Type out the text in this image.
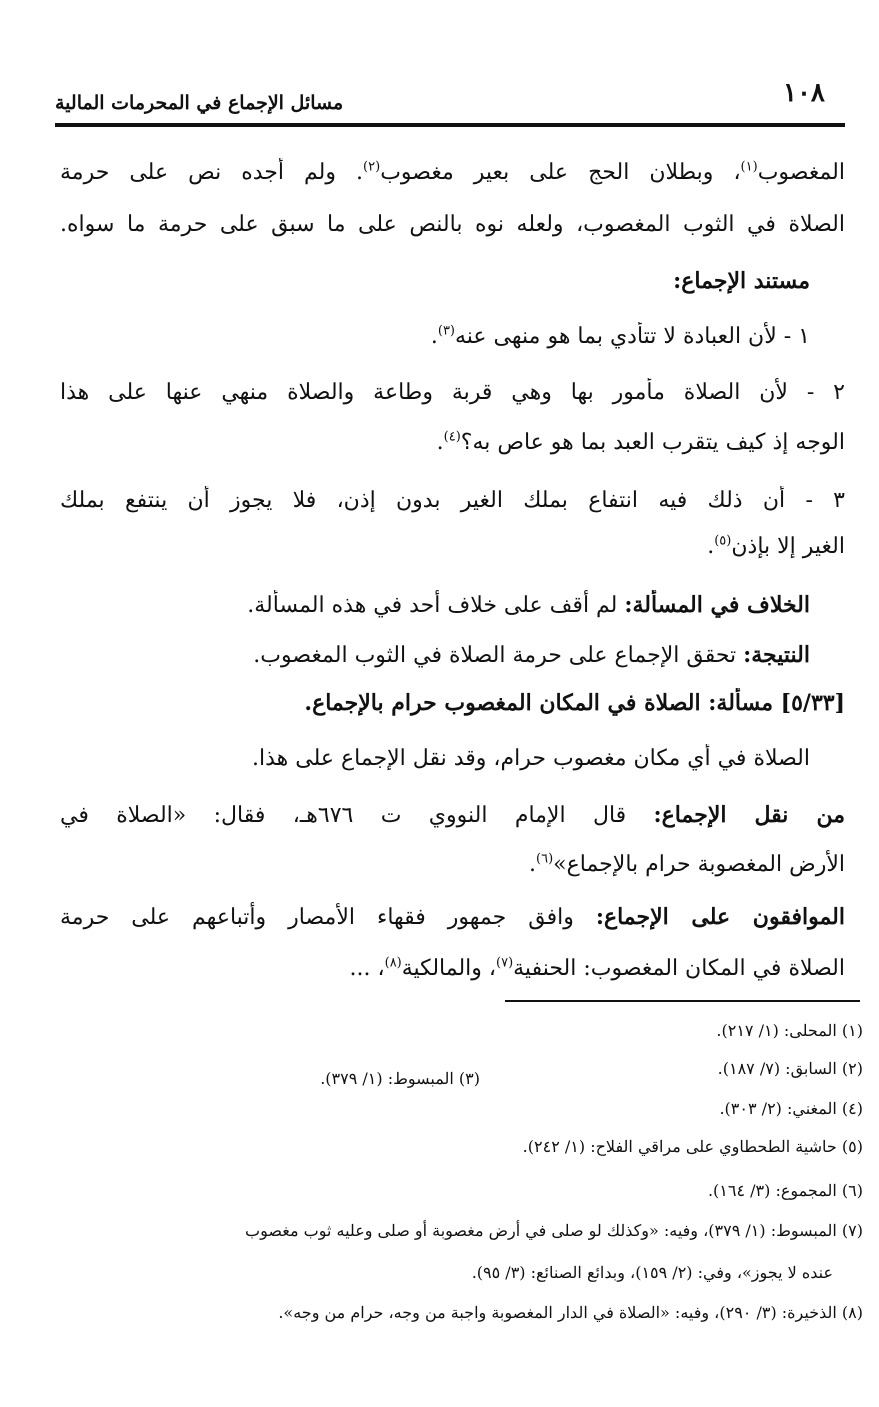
١٠٨
مسائل الإجماع في المحرمات المالية
المغصوب$^{(١)}$، وبطلان الحج على بعير مغصوب$^{(٢)}$. ولم أجده نص على حرمة
الصلاة في الثوب المغصوب، ولعله نوه بالنص على ما سبق على حرمة ما سواه.
مستند الإجماع:
١ - لأن العبادة لا تتأدي بما هو منهى عنه$^{(٣)}$.
٢ - لأن الصلاة مأمور بها وهي قربة وطاعة والصلاة منهي عنها على هذا
الوجه إذ كيف يتقرب العبد بما هو عاص به؟$^{(٤)}$.
٣ - أن ذلك فيه انتفاع بملك الغير بدون إذن، فلا يجوز أن ينتفع بملك
الغير إلا بإذن$^{(٥)}$.
الخلاف في المسألة: لم أقف على خلاف أحد في هذه المسألة.
النتيجة: تحقق الإجماع على حرمة الصلاة في الثوب المغصوب.
[٥/٣٣] مسألة: الصلاة في المكان المغصوب حرام بالإجماع.
الصلاة في أي مكان مغصوب حرام، وقد نقل الإجماع على هذا.
من نقل الإجماع: قال الإمام النووي ت ٦٧٦هـ، فقال: «الصلاة في
الأرض المغصوبة حرام بالإجماع»$^{(٦)}$.
الموافقون على الإجماع: وافق جمهور فقهاء الأمصار وأتباعهم على حرمة
الصلاة في المكان المغصوب: الحنفية$^{(٧)}$، والمالكية$^{(٨)}$، ...
(١) المحلى: (١/ ٢١٧).
(٢) السابق: (٧/ ١٨٧).
(٣) المبسوط: (١/ ٣٧٩).
(٤) المغني: (٢/ ٣٠٣).
(٥) حاشية الطحطاوي على مراقي الفلاح: (١/ ٢٤٢).
(٦) المجموع: (٣/ ١٦٤).
(٧) المبسوط: (١/ ٣٧٩)، وفيه: «وكذلك لو صلى في أرض مغصوبة أو صلى وعليه ثوب مغصوب
عنده لا يجوز»، وفي: (٢/ ١٥٩)، وبدائع الصنائع: (٣/ ٩٥).
(٨) الذخيرة: (٣/ ٢٩٠)، وفيه: «الصلاة في الدار المغصوبة واجبة من وجه، حرام من وجه».
